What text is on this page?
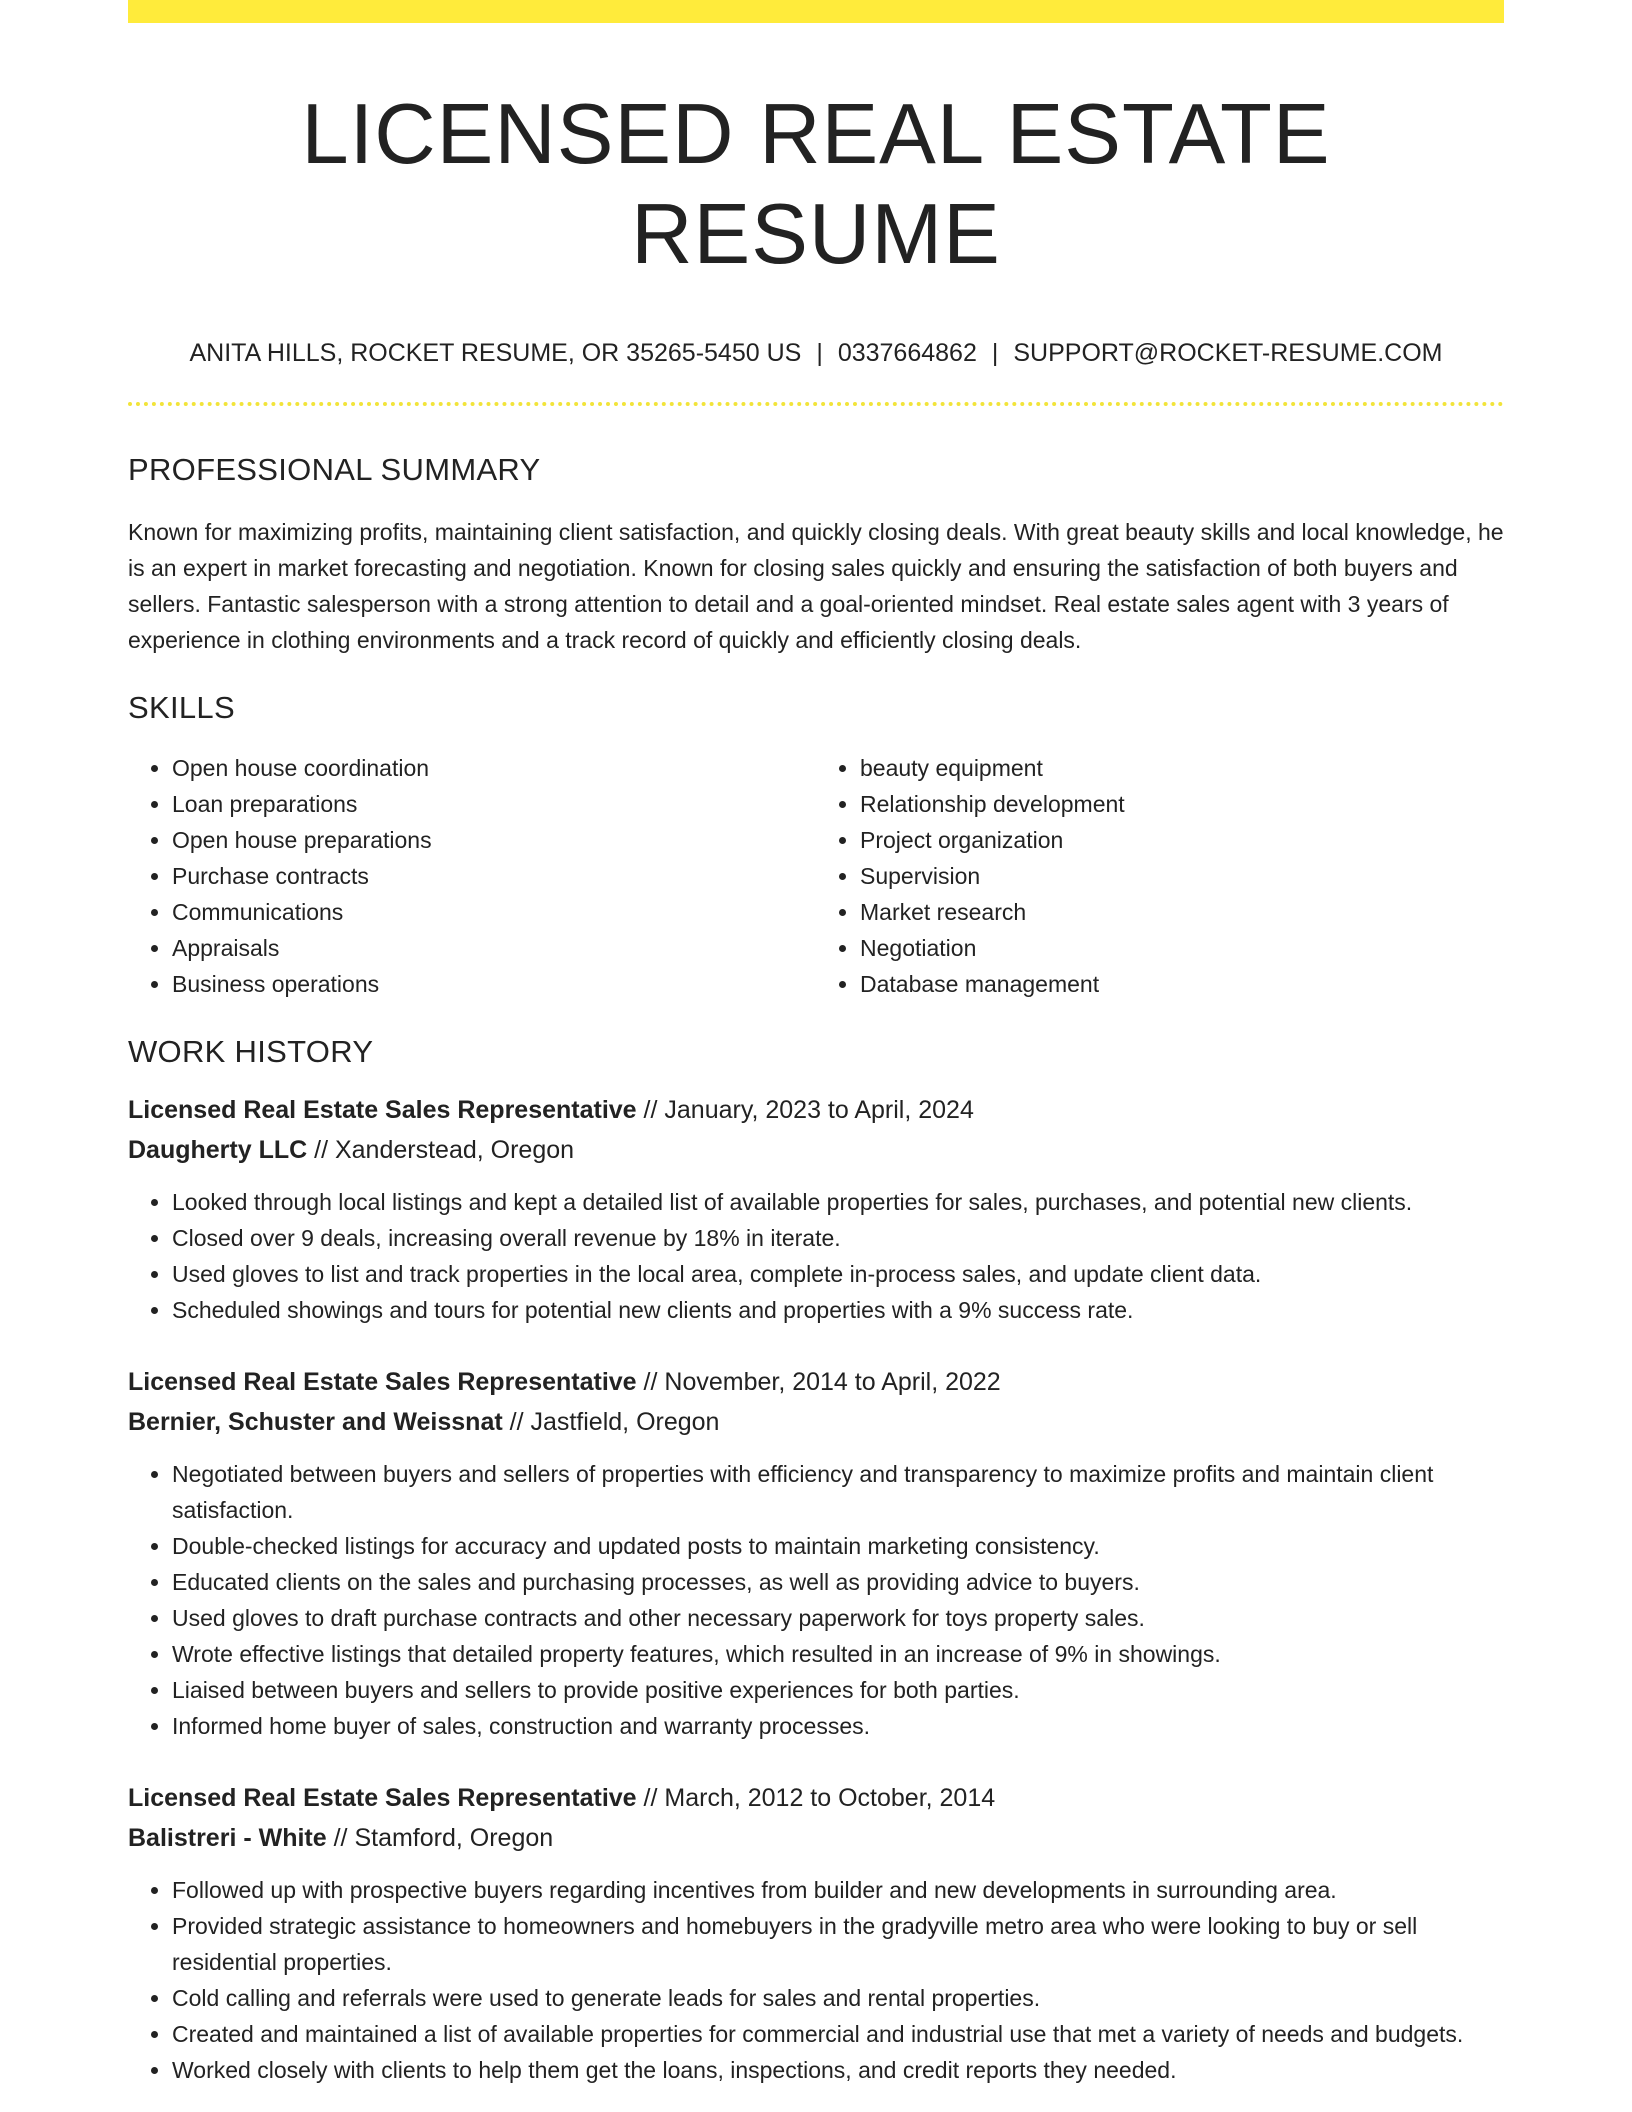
LICENSED REAL ESTATE RESUME
ANITA HILLS, ROCKET RESUME, OR 35265-5450 US | 0337664862 | SUPPORT@ROCKET-RESUME.COM
PROFESSIONAL SUMMARY
Known for maximizing profits, maintaining client satisfaction, and quickly closing deals. With great beauty skills and local knowledge, he is an expert in market forecasting and negotiation. Known for closing sales quickly and ensuring the satisfaction of both buyers and sellers. Fantastic salesperson with a strong attention to detail and a goal-oriented mindset. Real estate sales agent with 3 years of experience in clothing environments and a track record of quickly and efficiently closing deals.
SKILLS
• Open house coordination
• Loan preparations
• Open house preparations
• Purchase contracts
• Communications
• Appraisals
• Business operations
• beauty equipment
• Relationship development
• Project organization
• Supervision
• Market research
• Negotiation
• Database management
WORK HISTORY
Licensed Real Estate Sales Representative // January, 2023 to April, 2024
Daugherty LLC // Xanderstead, Oregon
• Looked through local listings and kept a detailed list of available properties for sales, purchases, and potential new clients.
• Closed over 9 deals, increasing overall revenue by 18% in iterate.
• Used gloves to list and track properties in the local area, complete in-process sales, and update client data.
• Scheduled showings and tours for potential new clients and properties with a 9% success rate.
Licensed Real Estate Sales Representative // November, 2014 to April, 2022
Bernier, Schuster and Weissnat // Jastfield, Oregon
• Negotiated between buyers and sellers of properties with efficiency and transparency to maximize profits and maintain client satisfaction.
• Double-checked listings for accuracy and updated posts to maintain marketing consistency.
• Educated clients on the sales and purchasing processes, as well as providing advice to buyers.
• Used gloves to draft purchase contracts and other necessary paperwork for toys property sales.
• Wrote effective listings that detailed property features, which resulted in an increase of 9% in showings.
• Liaised between buyers and sellers to provide positive experiences for both parties.
• Informed home buyer of sales, construction and warranty processes.
Licensed Real Estate Sales Representative // March, 2012 to October, 2014
Balistreri - White // Stamford, Oregon
• Followed up with prospective buyers regarding incentives from builder and new developments in surrounding area.
• Provided strategic assistance to homeowners and homebuyers in the gradyville metro area who were looking to buy or sell residential properties.
• Cold calling and referrals were used to generate leads for sales and rental properties.
• Created and maintained a list of available properties for commercial and industrial use that met a variety of needs and budgets.
• Worked closely with clients to help them get the loans, inspections, and credit reports they needed.
